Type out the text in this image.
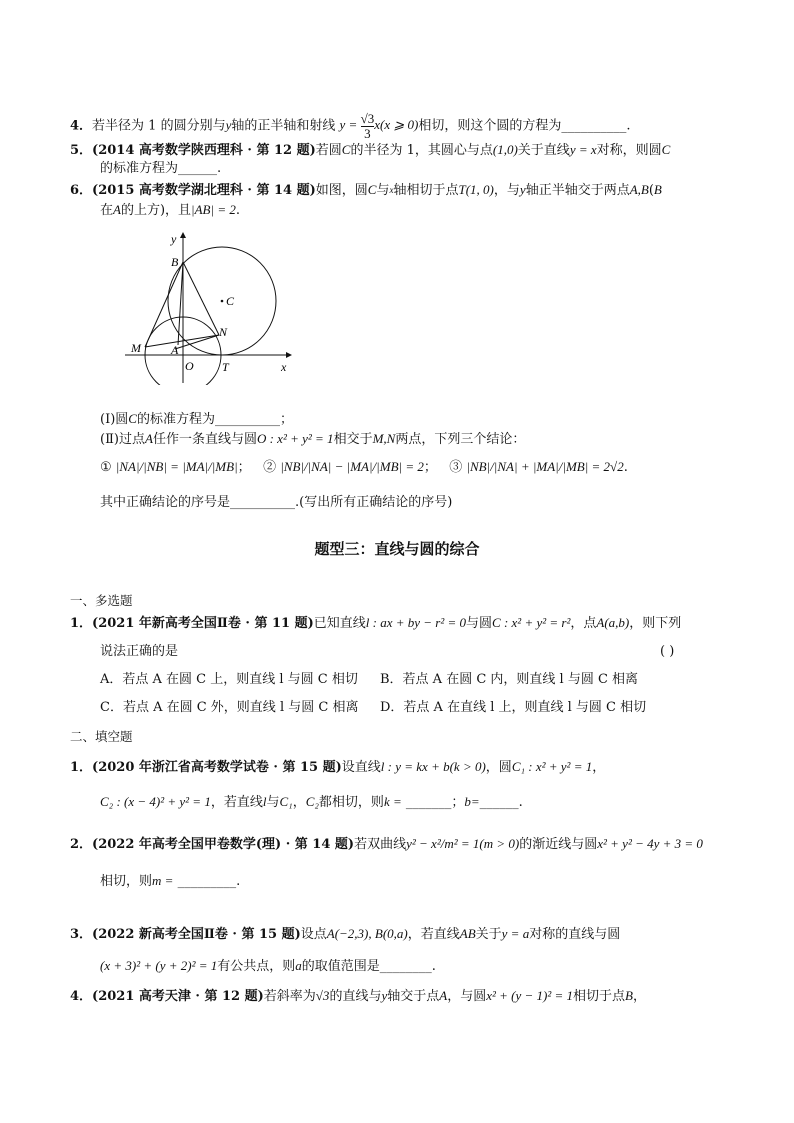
4．若半径为 1 的圆分别与y轴的正半轴和射线 $y = \frac{√3}{3} x(x$ ⩾ 0)相切，则这个圆的方程为__________.
5．(2014 高考数学陕西理科 · 第 12 题)若圆C的半径为 1，其圆心与点(1,0)关于直线y = x对称，则圆C
的标准方程为______.
6．(2015 高考数学湖北理科 · 第 14 题)如图，圆C与$^x$轴相切于点T(1, 0)，与y轴正半轴交于两点A,B(B
在A的上方)，且|AB| = 2.
y
x
B
C
N
M	A
O T
(Ⅰ)圆C的标准方程为__________；
(Ⅱ)过点A任作一条直线与圆O : x² + y² = 1相交于M,N两点，下列三个结论：
① |NA|/|NB| = |MA|/|MB|； ② |NB|/|NA| − |MA|/|MB| = 2； ③ |NB|/|NA| + |MA|/|MB| = 2√2.
其中正确结论的序号是__________.(写出所有正确结论的序号)
题型三：直线与圆的综合
一、多选题
1．(2021 年新高考全国Ⅱ卷 · 第 11 题)已知直线l : ax + by − r² = 0与圆C : x² + y² = r²，点A(a,b)，则下列
说法正确的是	( )
A．若点 A 在圆 C 上，则直线 l 与圆 C 相切 B．若点 A 在圆 C 内，则直线 l 与圆 C 相离
C．若点 A 在圆 C 外，则直线 l 与圆 C 相离 D．若点 A 在直线 l 上，则直线 l 与圆 C 相切
二、填空题
1．(2020 年浙江省高考数学试卷 · 第 15 题)设直线l : y = kx + b(k > 0)，圆C₁ : x² + y² = 1，
C₂ : (x − 4)² + y² = 1，若直线l与C₁，C₂都相切，则k = _______；b=______.
2．(2022 年高考全国甲卷数学(理) · 第 14 题)若双曲线y² − x²/m² = 1(m > 0)的渐近线与圆x² + y² − 4y + 3 = 0
相切，则m = _________.
3．(2022 新高考全国Ⅱ卷 · 第 15 题)设点A(−2,3), B(0,a)，若直线AB关于y = a对称的直线与圆
(x + 3)² + (y + 2)² = 1有公共点，则a的取值范围是________.
4．(2021 高考天津 · 第 12 题)若斜率为√3的直线与y轴交于点A，与圆x² + (y − 1)² = 1相切于点B，
